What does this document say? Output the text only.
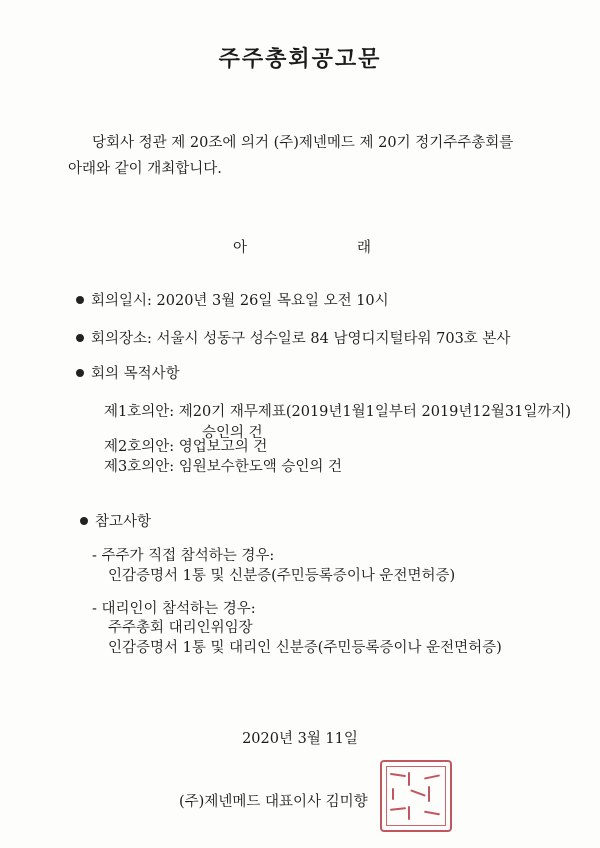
주주총회공고문
당회사 정관 제 20조에 의거 (주)제넨메드 제 20기 정기주주총회를
아래와 같이 개최합니다.
아	래
회의일시: 2020년 3월 26일 목요일 오전 10시
회의장소: 서울시 성동구 성수일로 84 남영디지털타워 703호 본사
회의 목적사항
제1호의안: 제20기 재무제표(2019년1월1일부터 2019년12월31일까지)
승인의 건
제2호의안: 영업보고의 건
제3호의안: 임원보수한도액 승인의 건
참고사항
- 주주가 직접 참석하는 경우:
인감증명서 1통 및 신분증(주민등록증이나 운전면허증)
- 대리인이 참석하는 경우:
주주총회 대리인위임장
인감증명서 1통 및 대리인 신분증(주민등록증이나 운전면허증)
2020년 3월 11일
(주)제넨메드 대표이사 김미향
